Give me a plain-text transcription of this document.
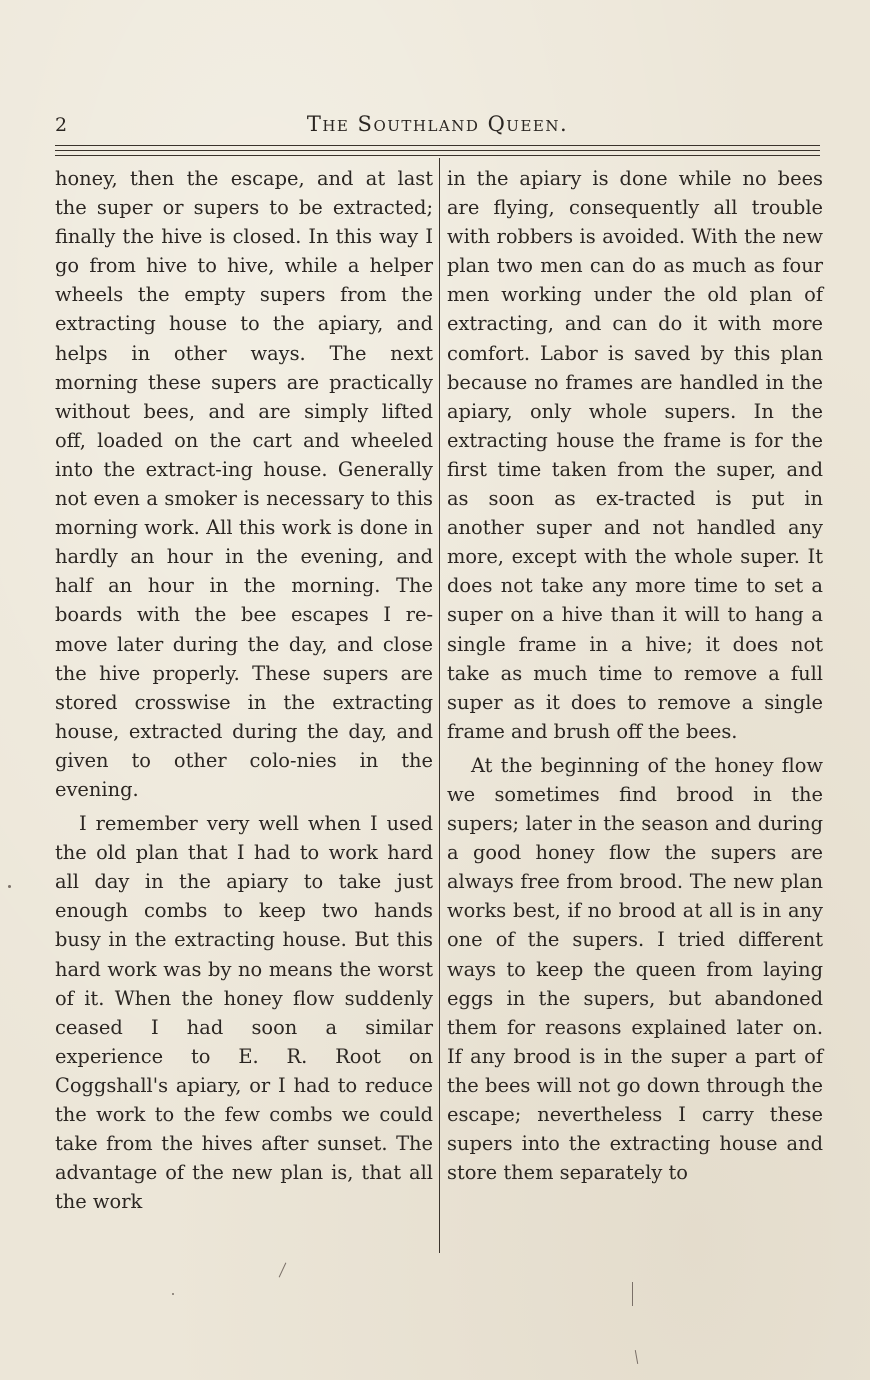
2	The Southland Queen.

honey, then the escape, and at last the super or supers to be extracted; finally the hive is closed. In this way I go from hive to hive, while a helper wheels the empty supers from the extracting house to the apiary, and helps in other ways. The next morning these supers are practically without bees, and are simply lifted off, loaded on the cart and wheeled into the extract-ing house. Generally not even a smoker is necessary to this morning work. All this work is done in hardly an hour in the evening, and half an hour in the morning. The boards with the bee escapes I re-move later during the day, and close the hive properly. These supers are stored crosswise in the extracting house, extracted during the day, and given to other colo-nies in the evening.

I remember very well when I used the old plan that I had to work hard all day in the apiary to take just enough combs to keep two hands busy in the extracting house. But this hard work was by no means the worst of it. When the honey flow suddenly ceased I had soon a similar experience to E. R. Root on Coggshall's apiary, or I had to reduce the work to the few combs we could take from the hives after sunset. The advantage of the new plan is, that all the work

in the apiary is done while no bees are flying, consequently all trouble with robbers is avoided. With the new plan two men can do as much as four men working under the old plan of extracting, and can do it with more comfort. Labor is saved by this plan because no frames are handled in the apiary, only whole supers. In the extracting house the frame is for the first time taken from the super, and as soon as ex-tracted is put in another super and not handled any more, except with the whole super. It does not take any more time to set a super on a hive than it will to hang a single frame in a hive; it does not take as much time to remove a full super as it does to remove a single frame and brush off the bees.

At the beginning of the honey flow we sometimes find brood in the supers; later in the season and during a good honey flow the supers are always free from brood. The new plan works best, if no brood at all is in any one of the supers. I tried different ways to keep the queen from laying eggs in the supers, but abandoned them for reasons explained later on. If any brood is in the super a part of the bees will not go down through the escape; nevertheless I carry these supers into the extracting house and store them separately to
